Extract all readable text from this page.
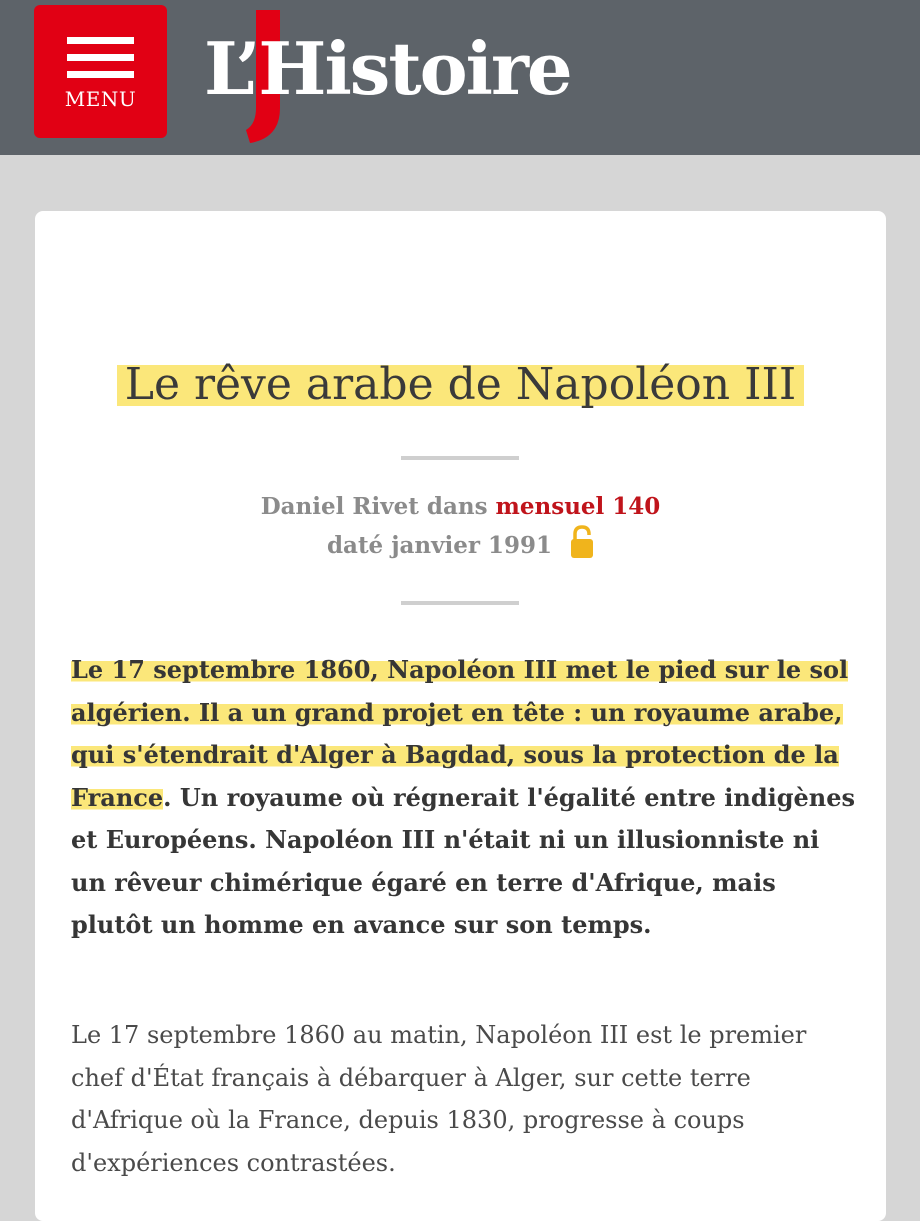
MENU L’Histoire
Le rêve arabe de Napoléon III
Daniel Rivet dans mensuel 140
daté janvier 1991
Le 17 septembre 1860, Napoléon III met le pied sur le sol algérien. Il a un grand projet en tête : un royaume arabe, qui s'étendrait d'Alger à Bagdad, sous la protection de la France. Un royaume où régnerait l'égalité entre indigènes et Européens. Napoléon III n'était ni un illusionniste ni un rêveur chimérique égaré en terre d'Afrique, mais plutôt un homme en avance sur son temps.
Le 17 septembre 1860 au matin, Napoléon III est le premier chef d'État français à débarquer à Alger, sur cette terre d'Afrique où la France, depuis 1830, progresse à coups d'expériences contrastées.
